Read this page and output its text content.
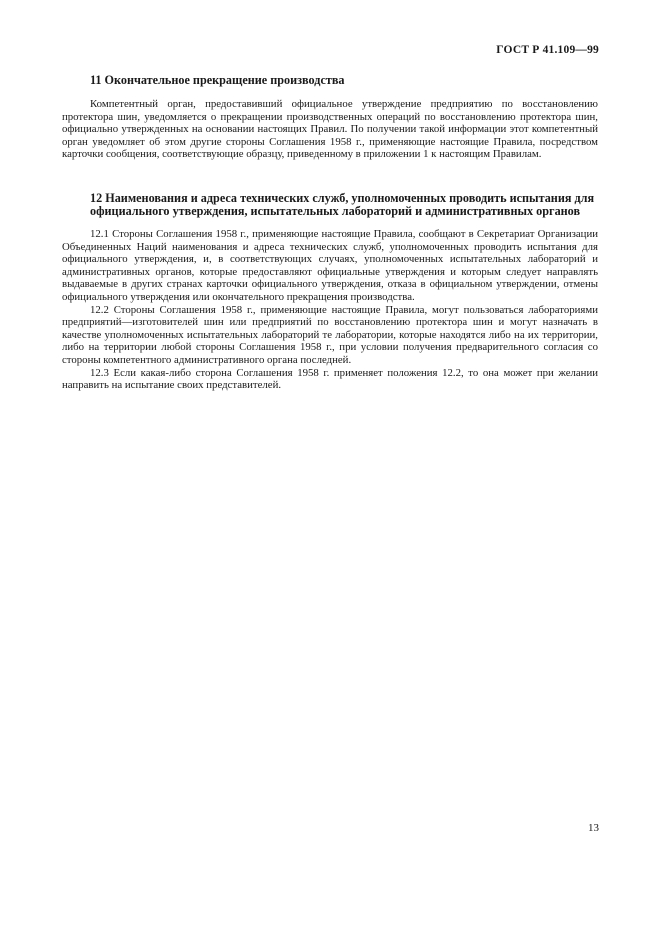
ГОСТ Р 41.109—99
11 Окончательное прекращение производства

Компетентный орган, предоставивший официальное утверждение предприятию по восстановлению протектора шин, уведомляется о прекращении производственных операций по восстановлению протектора шин, официально утвержденных на основании настоящих Правил. По получении такой информации этот компетентный орган уведомляет об этом другие стороны Соглашения 1958 г., применяющие настоящие Правила, посредством карточки сообщения, соответствующие образцу, приведенному в приложении 1 к настоящим Правилам.

12 Наименования и адреса технических служб, уполномоченных проводить испытания для официального утверждения, испытательных лабораторий и административных органов

12.1 Стороны Соглашения 1958 г., применяющие настоящие Правила, сообщают в Секретариат Организации Объединенных Наций наименования и адреса технических служб, уполномоченных проводить испытания для официального утверждения, и, в соответствующих случаях, уполномоченных испытательных лабораторий и административных органов, которые предоставляют официальные утверждения и которым следует направлять выдаваемые в других странах карточки официального утверждения, отказа в официальном утверждении, отмены официального утверждения или окончательного прекращения производства.

12.2 Стороны Соглашения 1958 г., применяющие настоящие Правила, могут пользоваться лабораториями предприятий—изготовителей шин или предприятий по восстановлению протектора шин и могут назначать в качестве уполномоченных испытательных лабораторий те лаборатории, которые находятся либо на их территории, либо на территории любой стороны Соглашения 1958 г., при условии получения предварительного согласия со стороны компетентного административного органа последней.

12.3 Если какая-либо сторона Соглашения 1958 г. применяет положения 12.2, то она может при желании направить на испытание своих представителей.

13
